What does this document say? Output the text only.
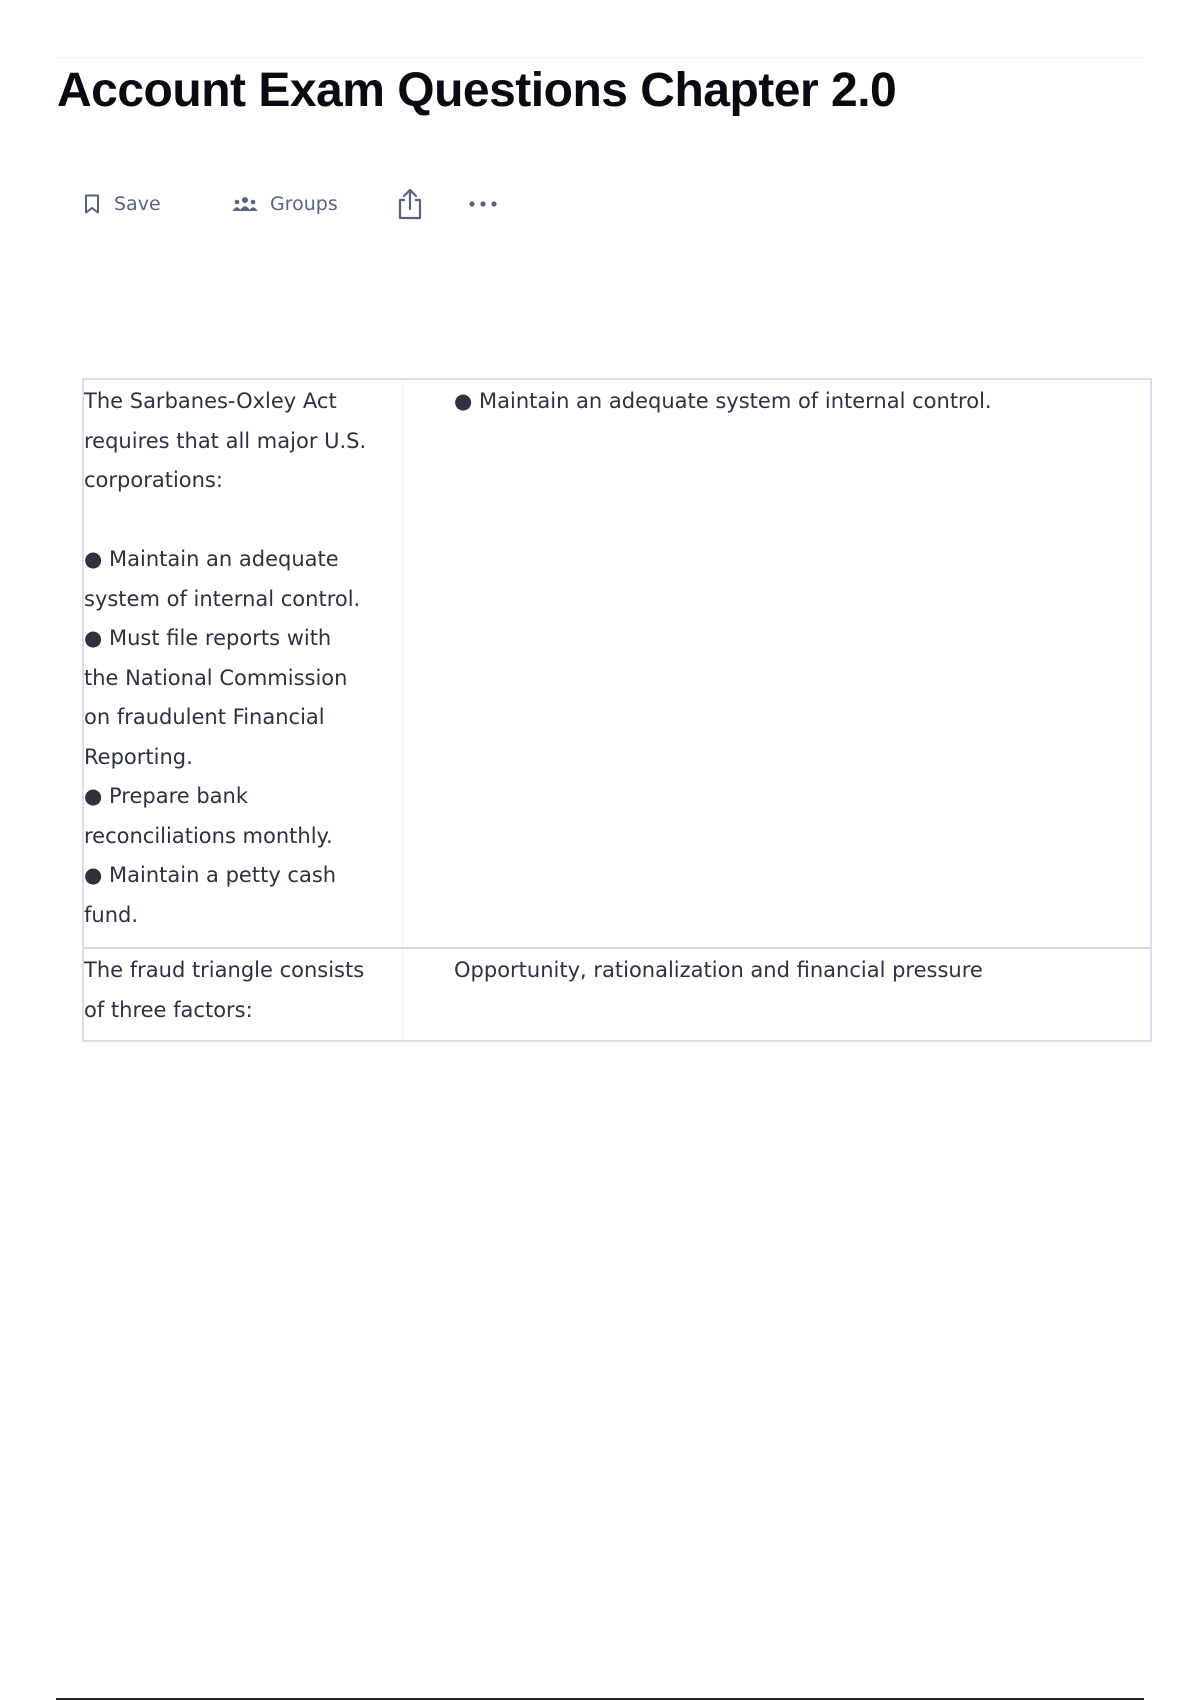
Account Exam Questions Chapter 2.0
Save	Groups

The Sarbanes-Oxley Act
requires that all major U.S.
corporations:

● Maintain an adequate
system of internal control.
● Must file reports with
the National Commission
on fraudulent Financial
Reporting.
● Prepare bank
reconciliations monthly.
● Maintain a petty cash
fund.

● Maintain an adequate system of internal control.

The fraud triangle consists
of three factors:

Opportunity, rationalization and financial pressure
